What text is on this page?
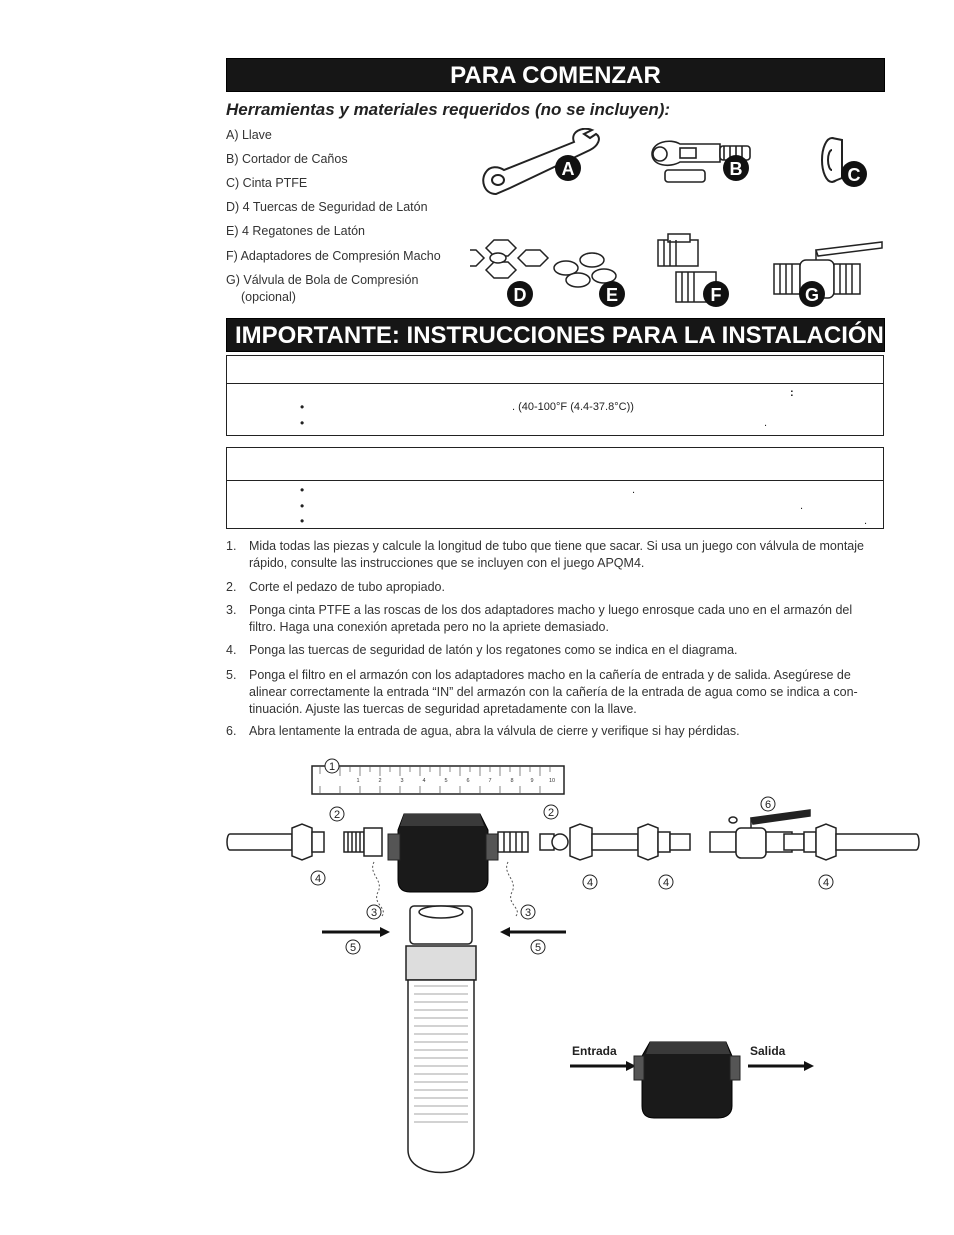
PARA COMENZAR
Herramientas y materiales requeridos (no se incluyen):
A) Llave
B) Cortador de Caños
C) Cinta PTFE
D) 4 Tuercas de Seguridad de Latón
E) 4 Regatones de Latón
F) Adaptadores de Compresión Macho
G) Válvula de Bola de Compresión
(opcional)
A	B	C
D	E	F	G
IMPORTANTE: INSTRUCCIONES PARA LA INSTALACIÓN
:
•	. (40-100°F (4.4-37.8°C))
•	.
•	.
•	.
•	.
1. Mida todas las piezas y calcule la longitud de tubo que tiene que sacar. Si usa un juego con válvula de montaje rápido, consulte las instrucciones que se incluyen con el juego APQM4.
2. Corte el pedazo de tubo apropiado.
3. Ponga cinta PTFE a las roscas de los dos adaptadores macho y luego enrosque cada uno en el armazón del filtro. Haga una conexión apretada pero no la apriete demasiado.
4. Ponga las tuercas de seguridad de latón y los regatones como se indica en el diagrama.
5. Ponga el filtro en el armazón con los adaptadores macho en la cañería de entrada y de salida. Asegúrese de alinear correctamente la entrada “IN” del armazón con la cañería de la entrada de agua como se indica a con-tinuación. Ajuste las tuercas de seguridad apretadamente con la llave.
6. Abra lentamente la entrada de agua, abra la válvula de cierre y verifique si hay pérdidas.
1	2	3	4	5	6	7	8	9	10
1
2	2
3	3
4	4	4	4
5	5
6
Entrada	Salida
